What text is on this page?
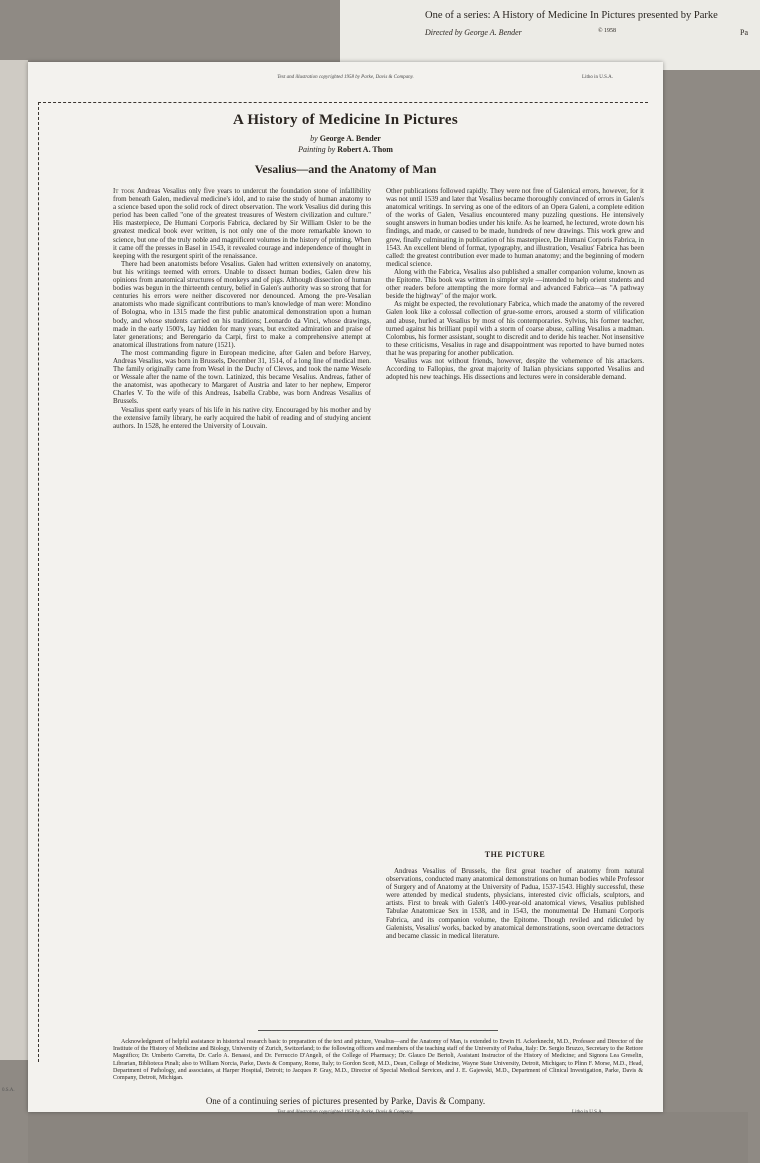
0.S.A.
One of a series: A History of Medicine In Pictures presented by Parke
Directed by George A. Bender	© 1958	Pa
Text and illustration copyrighted 1958 by Parke, Davis & Company.	Litho in U.S.A.
A History of Medicine In Pictures
by George A. Bender
Painting by Robert A. Thom
Vesalius—and the Anatomy of Man

It took Andreas Vesalius only five years to undercut the foundation stone of infallibility from beneath Galen, medieval medicine's idol, and to raise the study of human anatomy to a science based upon the solid rock of direct observation. The work Vesalius did during this period has been called "one of the greatest treasures of Western civilization and culture." His masterpiece, De Humani Corporis Fabrica, declared by Sir William Osler to be the greatest medical book ever written, is not only one of the more remarkable known to science, but one of the truly noble and magnificent volumes in the history of printing. When it came off the presses in Basel in 1543, it revealed courage and independence of thought in keeping with the resurgent spirit of the renaissance.

There had been anatomists before Vesalius. Galen had written extensively on anatomy, but his writings teemed with errors. Unable to dissect human bodies, Galen drew his opinions from anatomical structures of monkeys and of pigs. Although dissection of human bodies was begun in the thirteenth century, belief in Galen's authority was so strong that for centuries his errors were neither discovered nor denounced. Among the pre-Vesalian anatomists who made significant contributions to man's knowledge of man were: Mondino of Bologna, who in 1315 made the first public anatomical demonstration upon a human body, and whose students carried on his traditions; Leonardo da Vinci, whose drawings, made in the early 1500's, lay hidden for many years, but excited admiration and praise of later generations; and Berengario da Carpi, first to make a comprehensive attempt at anatomical illustrations from nature (1521).

The most commanding figure in European medicine, after Galen and before Harvey, Andreas Vesalius, was born in Brussels, December 31, 1514, of a long line of medical men. The family originally came from Wesel in the Duchy of Cleves, and took the name Wesele or Wessale after the name of the town. Latinized, this became Vesalius. Andreas, father of the anatomist, was apothecary to Margaret of Austria and later to her nephew, Emperor Charles V. To the wife of this Andreas, Isabella Crabbe, was born Andreas Vesalius of Brussels.

Vesalius spent early years of his life in his native city. Encouraged by his mother and by the extensive family library, he early acquired the habit of reading and of studying ancient authors. In 1528, he entered the University of Louvain.

Other publications followed rapidly. They were not free of Galenical errors, however, for it was not until 1539 and later that Vesalius became thoroughly convinced of errors in Galen's anatomical writings. In serving as one of the editors of an Opera Galeni, a complete edition of the works of Galen, Vesalius encountered many puzzling questions. He intensively sought answers in human bodies under his knife. As he learned, he lectured, wrote down his findings, and made, or caused to be made, hundreds of new drawings. This work grew and grew, finally culminating in publication of his masterpiece, De Humani Corporis Fabrica, in 1543. An excellent blend of format, typography, and illustration, Vesalius' Fabrica has been called: the greatest contribution ever made to human anatomy; and the beginning of modern medical science.

Along with the Fabrica, Vesalius also published a smaller companion volume, known as the Epitome. This book was written in simpler style —intended to help orient students and other readers before attempting the more formal and advanced Fabrica—as "A pathway beside the highway" of the major work.

As might be expected, the revolutionary Fabrica, which made the anatomy of the revered Galen look like a colossal collection of grue-some errors, aroused a storm of vilification and abuse, hurled at Vesalius by most of his contemporaries. Sylvius, his former teacher, turned against his brilliant pupil with a storm of coarse abuse, calling Vesalius a madman. Colombus, his former assistant, sought to discredit and to deride his teacher. Not insensitive to these criticisms, Vesalius in rage and disappointment was reported to have burned notes that he was preparing for another publication.

Vesalius was not without friends, however, despite the vehemence of his attackers. According to Fallopius, the great majority of Italian physicians supported Vesalius and adopted his new teachings. His dissections and lectures were in considerable demand.

THE PICTURE

Andreas Vesalius of Brussels, the first great teacher of anatomy from natural observations, conducted many anatomical demonstrations on human bodies while Professor of Surgery and of Anatomy at the University of Padua, 1537-1543. Highly successful, these were attended by medical students, physicians, interested civic officials, sculptors, and artists. First to break with Galen's 1400-year-old anatomical views, Vesalius published Tabulae Anatomicae Sex in 1538, and in 1543, the monumental De Humani Corporis Fabrica, and its companion volume, the Epitome. Though reviled and ridiculed by Galenists, Vesalius' works, backed by anatomical demonstrations, soon overcame detractors and became classic in medical literature.

Acknowledgment of helpful assistance in historical research basic to preparation of the text and picture, Vesalius—and the Anatomy of Man, is extended to Erwin H. Ackerknecht, M.D., Professor and Director of the Institute of the History of Medicine and Biology, University of Zurich, Switzerland; to the following officers and members of the teaching staff of the University of Padua, Italy: Dr. Sergio Bruzzo, Secretary to the Rettore Magnifico; Dr. Umberto Carretta, Dr. Carlo A. Benassi, and Dr. Ferruccio D'Angeli, of the College of Pharmacy; Dr. Glauco De Bertoli, Assistant Instructor of the History of Medicine; and Signora Lea Greselin, Librarian, Biblioteca Pinali; also to William Norcia, Parke, Davis & Company, Rome, Italy; to Gordon Scott, M.D., Dean, College of Medicine, Wayne State University, Detroit, Michigan; to Plinn F. Morse, M.D., Head, Department of Pathology, and associates, at Harper Hospital, Detroit; to Jacques P. Gray, M.D., Director of Special Medical Services, and J. E. Gajewski, M.D., Department of Clinical Investigation, Parke, Davis & Company, Detroit, Michigan.

One of a continuing series of pictures presented by Parke, Davis & Company.
Text and illustration copyrighted 1958 by Parke, Davis & Company.	Litho in U.S.A.
